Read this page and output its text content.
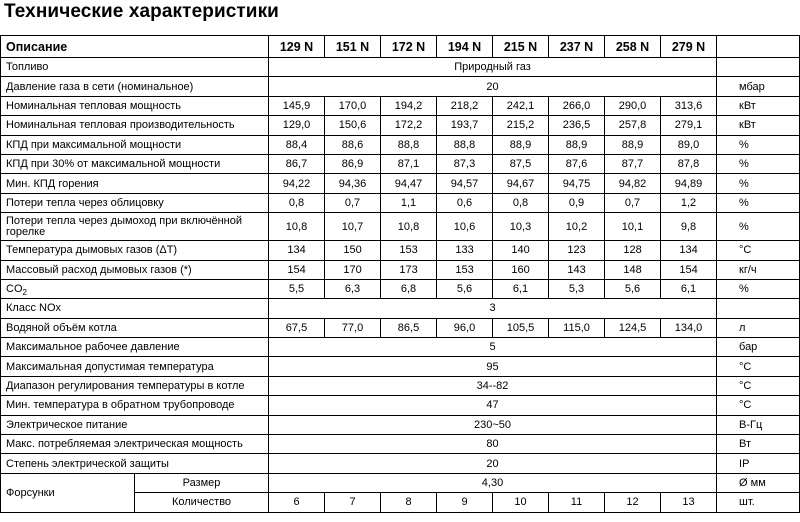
Технические характеристики
Описание		129 N	151 N	172 N	194 N	215 N	237 N	258 N	279 N	
Топливо		Природный газ								
Давление газа в сети (номинальное)		20								мбар
Номинальная тепловая мощность		145,9	170,0	194,2	218,2	242,1	266,0	290,0	313,6	кВт
Номинальная тепловая производительность		129,0	150,6	172,2	193,7	215,2	236,5	257,8	279,1	кВт
КПД при максимальной мощности		88,4	88,6	88,8	88,8	88,9	88,9	88,9	89,0	%
КПД при 30% от максимальной мощности		86,7	86,9	87,1	87,3	87,5	87,6	87,7	87,8	%
Мин. КПД горения		94,22	94,36	94,47	94,57	94,67	94,75	94,82	94,89	%
Потери тепла через облицовку		0,8	0,7	1,1	0,6	0,8	0,9	0,7	1,2	%
Потери тепла через дымоход при включённой горелке		10,8	10,7	10,8	10,6	10,3	10,2	10,1	9,8	%
Температура дымовых газов (ΔT)		134	150	153	133	140	123	128	134	°C
Массовый расход дымовых газов (*)		154	170	173	153	160	143	148	154	кг/ч
$CO_2$		5,5	6,3	6,8	5,6	6,1	5,3	5,6	6,1	%
Класс NOx		3								
Водяной объём котла		67,5	77,0	86,5	96,0	105,5	115,0	124,5	134,0	л
Максимальное рабочее давление		5								бар
Максимальная допустимая температура		95								°C
Диапазон регулирования температуры в котле		34--82								°C
Мин. температура в обратном трубопроводе		47								°C
Электрическое питание		230~50								В-Гц
Макс. потребляемая электрическая мощность		80								Вт
Степень электрической защиты		20								IP
Форсунки	Размер	4,30								Ø мм
	Количество	6	7	8	9	10	11	12	13	шт.
